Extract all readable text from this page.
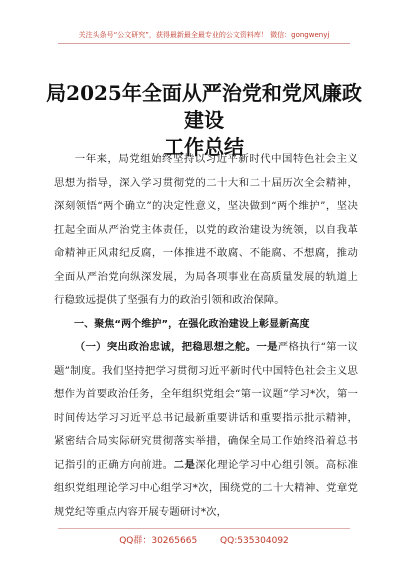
关注头条号“公文研究”，获得最新最全最专业的公文资料库！ 微信：gongwenyj
局2025年全面从严治党和党风廉政建设
工作总结

一年来，局党组始终坚持以习近平新时代中国特色社会主义思想为指导，深入学习贯彻党的二十大和二十届历次全会精神，深刻领悟“两个确立”的决定性意义，坚决做到“两个维护”，坚决扛起全面从严治党主体责任，以党的政治建设为统领，以自我革命精神正风肃纪反腐，一体推进不敢腐、不能腐、不想腐，推动全面从严治党向纵深发展，为局各项事业在高质量发展的轨道上行稳致远提供了坚强有力的政治引领和政治保障。

一、聚焦“两个维护”，在强化政治建设上彰显新高度

（一）突出政治忠诚，把稳思想之舵。一是严格执行“第一议题”制度。我们坚持把学习贯彻习近平新时代中国特色社会主义思想作为首要政治任务，全年组织党组会“第一议题”学习*次，第一时间传达学习习近平总书记最新重要讲话和重要指示批示精神，紧密结合局实际研究贯彻落实举措，确保全局工作始终沿着总书记指引的正确方向前进。二是深化理论学习中心组引领。高标准组织党组理论学习中心组学习*次，围绕党的二十大精神、党章党规党纪等重点内容开展专题研讨*次，

QQ群：30265665	QQ:535304092
